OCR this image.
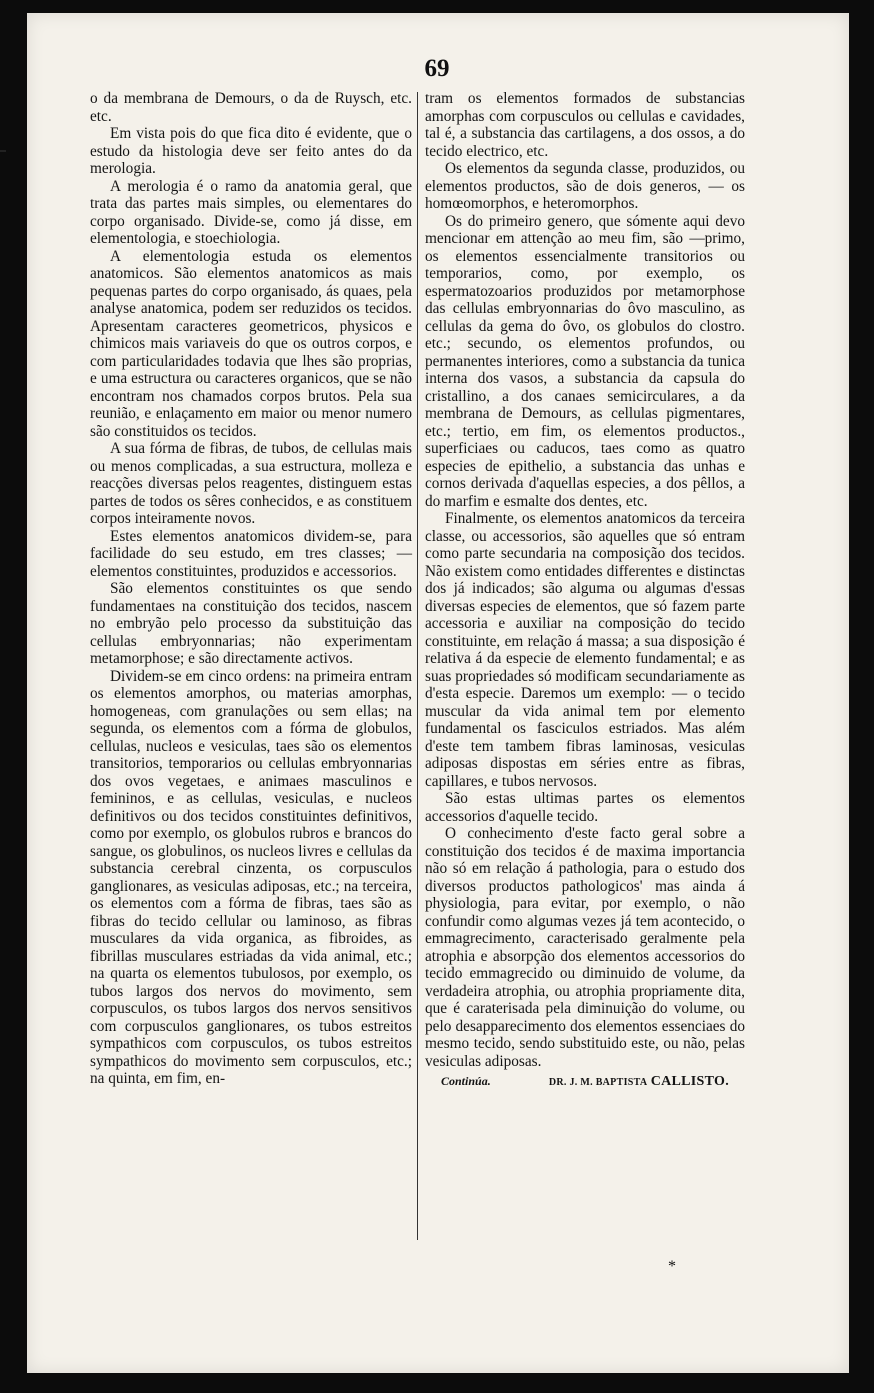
69

o da membrana de Demours, o da de Ruysch, etc. etc.

Em vista pois do que fica dito é evidente, que o estudo da histologia deve ser feito antes do da merologia.

A merologia é o ramo da anatomia geral, que trata das partes mais simples, ou elementares do corpo organisado. Divide-se, como já disse, em elementologia, e stoechiologia.

A elementologia estuda os elementos anatomicos. São elementos anatomicos as mais pequenas partes do corpo organisado, ás quaes, pela analyse anatomica, podem ser reduzidos os tecidos. Apresentam caracteres geometricos, physicos e chimicos mais variaveis do que os outros corpos, e com particularidades todavia que lhes são proprias, e uma estructura ou caracteres organicos, que se não encontram nos chamados corpos brutos. Pela sua reunião, e enlaçamento em maior ou menor numero são constituidos os tecidos.

A sua fórma de fibras, de tubos, de cellulas mais ou menos complicadas, a sua estructura, molleza e reacções diversas pelos reagentes, distinguem estas partes de todos os sêres conhecidos, e as constituem corpos inteiramente novos.

Estes elementos anatomicos dividem-se, para facilidade do seu estudo, em tres classes; —elementos constituintes, produzidos e accessorios.

São elementos constituintes os que sendo fundamentaes na constituição dos tecidos, nascem no embryão pelo processo da substituição das cellulas embryonnarias; não experimentam metamorphose; e são directamente activos.

Dividem-se em cinco ordens: na primeira entram os elementos amorphos, ou materias amorphas, homogeneas, com granulações ou sem ellas; na segunda, os elementos com a fórma de globulos, cellulas, nucleos e vesiculas, taes são os elementos transitorios, temporarios ou cellulas embryonnarias dos ovos vegetaes, e animaes masculinos e femininos, e as cellulas, vesiculas, e nucleos definitivos ou dos tecidos constituintes definitivos, como por exemplo, os globulos rubros e brancos do sangue, os globulinos, os nucleos livres e cellulas da substancia cerebral cinzenta, os corpusculos ganglionares, as vesiculas adiposas, etc.; na terceira, os elementos com a fórma de fibras, taes são as fibras do tecido cellular ou laminoso, as fibras musculares da vida organica, as fibroides, as fibrillas musculares estriadas da vida animal, etc.; na quarta os elementos tubulosos, por exemplo, os tubos largos dos nervos do movimento, sem corpusculos, os tubos largos dos nervos sensitivos com corpusculos ganglionares, os tubos estreitos sympathicos com corpusculos, os tubos estreitos sympathicos do movimento sem corpusculos, etc.; na quinta, em fim, en-

tram os elementos formados de substancias amorphas com corpusculos ou cellulas e cavidades, tal é, a substancia das cartilagens, a dos ossos, a do tecido electrico, etc.

Os elementos da segunda classe, produzidos, ou elementos productos, são de dois generos, — os homœomorphos, e heteromorphos.

Os do primeiro genero, que sómente aqui devo mencionar em attenção ao meu fim, são —primo, os elementos essencialmente transitorios ou temporarios, como, por exemplo, os espermatozoarios produzidos por metamorphose das cellulas embryonnarias do ôvo masculino, as cellulas da gema do ôvo, os globulos do clostro. etc.; secundo, os elementos profundos, ou permanentes interiores, como a substancia da tunica interna dos vasos, a substancia da capsula do cristallino, a dos canaes semicirculares, a da membrana de Demours, as cellulas pigmentares, etc.; tertio, em fim, os elementos productos., superficiaes ou caducos, taes como as quatro especies de epithelio, a substancia das unhas e cornos derivada d'aquellas especies, a dos pêllos, a do marfim e esmalte dos dentes, etc.

Finalmente, os elementos anatomicos da terceira classe, ou accessorios, são aquelles que só entram como parte secundaria na composição dos tecidos. Não existem como entidades differentes e distinctas dos já indicados; são alguma ou algumas d'essas diversas especies de elementos, que só fazem parte accessoria e auxiliar na composição do tecido constituinte, em relação á massa; a sua disposição é relativa á da especie de elemento fundamental; e as suas propriedades só modificam secundariamente as d'esta especie. Daremos um exemplo: — o tecido muscular da vida animal tem por elemento fundamental os fasciculos estriados. Mas além d'este tem tambem fibras laminosas, vesiculas adiposas dispostas em séries entre as fibras, capillares, e tubos nervosos.

São estas ultimas partes os elementos accessorios d'aquelle tecido.

O conhecimento d'este facto geral sobre a constituição dos tecidos é de maxima importancia não só em relação á pathologia, para o estudo dos diversos productos pathologicos' mas ainda á physiologia, para evitar, por exemplo, o não confundir como algumas vezes já tem acontecido, o emmagrecimento, caracterisado geralmente pela atrophia e absorpção dos elementos accessorios do tecido emmagrecido ou diminuido de volume, da verdadeira atrophia, ou atrophia propriamente dita, que é caraterisada pela diminuição do volume, ou pelo desapparecimento dos elementos essenciaes do mesmo tecido, sendo substituido este, ou não, pelas vesiculas adiposas.

Continúa.	DR. J. M. BAPTISTA CALLISTO.
*
